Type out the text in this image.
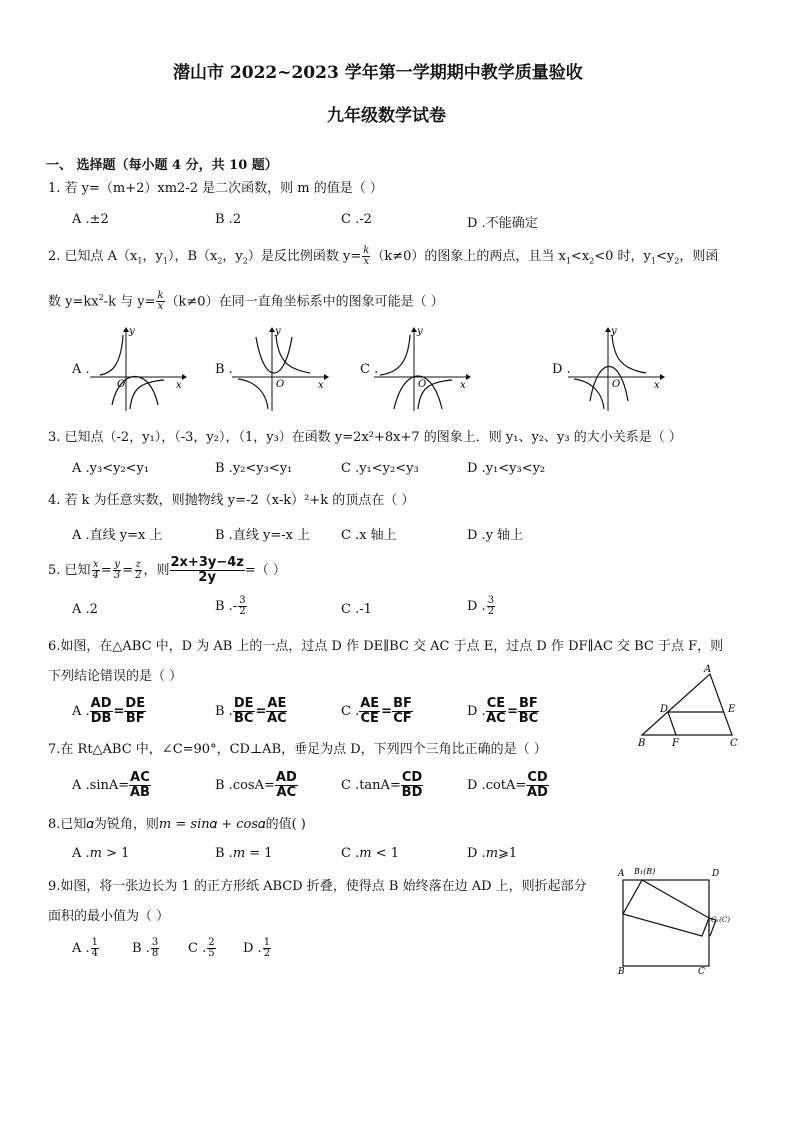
潜山市 2022~2023 学年第一学期期中教学质量验收
九年级数学试卷
一、 选择题（每小题 4 分，共 10 题）
1. 若 y=（m+2）xm2-2 是二次函数，则 m 的值是（ ）
A .±2	B .2	C .-2	D .不能确定
2. 已知点 $A(x_1$，$y_1$），$B(x_2$，$y_2$）是反比例函数 $y= \frac{k}{x} (k\ne 0)$的图象上的两点，且当 $x_1<x_2<0$ 时，$y_1<y_2$，则函
数 $y=kx^2-k$ 与 $y= \frac{k}{x} (k\ne 0)$在同一直角坐标系中的图象可能是（ ）
A .
y
x
O
B .
y
x
O
C .
y
x
O
D .
y
x
O
3. 已知点（-2，y₁），（-3，y₂），（1，y₃）在函数 y=2x²+8x+7 的图象上．则 y₁、y₂、y₃ 的大小关系是（ ）
A .y₃<y₂<y₁	B .y₂<y₃<y₁	C .y₁<y₂<y₃	D .y₁<y₃<y₂
4. 若 k 为任意实数，则抛物线 y=-2（x-k）²+k 的顶点在（ ）
A .直线 y=x 上	B .直线 y=-x 上 C .x 轴上	D .y 轴上
5. 已知 $\frac{x}{4} = \frac{y}{3} = \frac{z}{2}$ ，则 $\frac{2x+3y-4z}{2y}$ =（ ）
A .2	B .- $\frac{3}{2}$	C .-1	D . $\frac{3}{2}$
6.如图，在△ABC 中，D 为 AB 上的一点，过点 D 作 DE∥BC 交 AC 于点 E，过点 D 作 DF∥AC 交 BC 于点 F，则
下列结论错误的是（ ）
A . $\frac{AD}{DB} = \frac{DE}{BF}$	B . $\frac{DE}{BC} = \frac{AE}{AC}$	C . $\frac{AE}{CE} = \frac{BF}{CF}$	D . $\frac{CE}{AC} = \frac{BF}{BC}$
A
D	E
B	F	C
7.在 Rt△ABC 中，∠C=90°，CD⊥AB，垂足为点 D，下列四个三角比正确的是（ ）
A $.\sin A= \frac{AC}{AB}$	B $.\cos A= \frac{AD}{AC}$	C $.\tan A= \frac{CD}{BD}$	D $.\cot A= \frac{CD}{AD}$
8.已知𝛼为锐角，则𝑚 = 𝑠𝑖𝑛𝛼 + 𝑐𝑜𝑠𝛼的值( )
A .𝑚 > 1	B .𝑚 = 1	C .𝑚 < 1	D .𝑚⩾1
9.如图，将一张边长为 1 的正方形纸 ABCD 折叠，使得点 B 始终落在边 AD 上，则折起部分
面积的最小值为（ ）
A . $\frac{1}{4}$	B . $\frac{3}{8}$ C . $\frac{2}{5}$ D . $\frac{1}{2}$
A B₁(B)	D
C₁(C)
B	C
